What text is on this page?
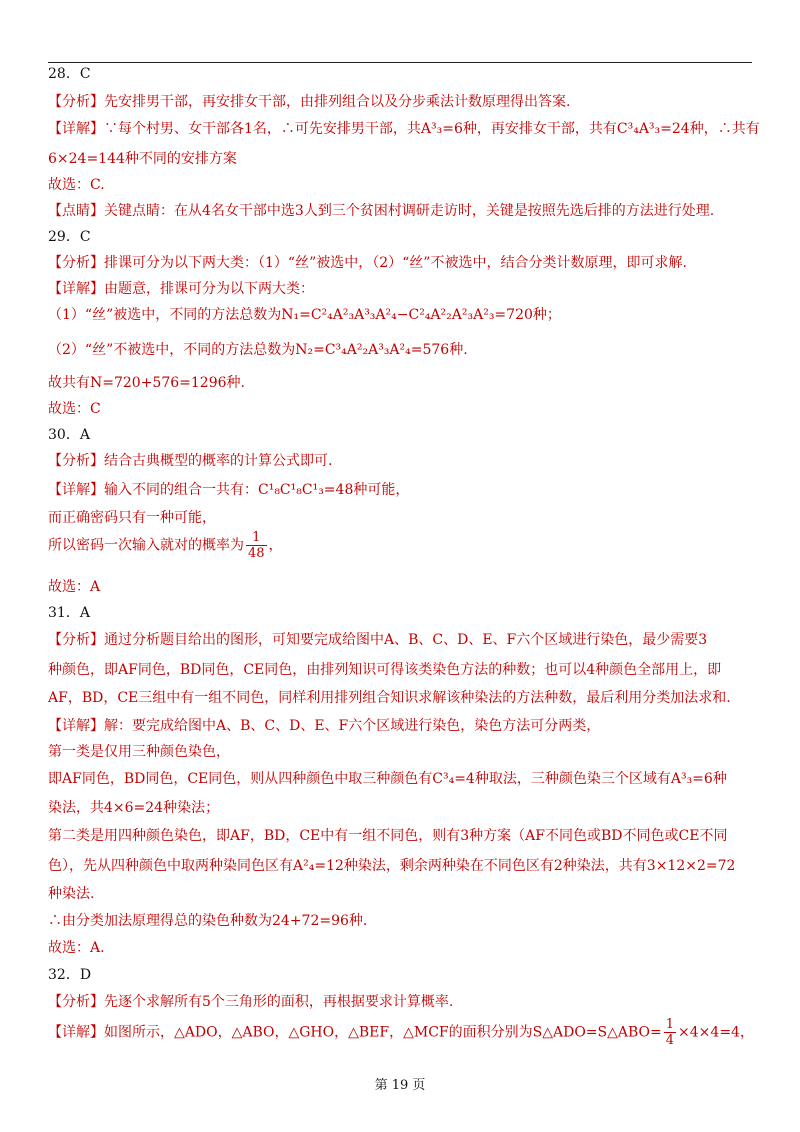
28．C
【分析】先安排男干部，再安排女干部，由排列组合以及分步乘法计数原理得出答案.
【详解】∵每个村男、女干部各1名，∴可先安排男干部，共A³₃=6种，再安排女干部，共有C³₄A³₃=24种，∴共有
6×24=144种不同的安排方案
故选：C.
【点睛】关键点睛：在从4名女干部中选3人到三个贫困村调研走访时，关键是按照先选后排的方法进行处理.
29．C
【分析】排课可分为以下两大类：（1）“丝”被选中，（2）“丝”不被选中，结合分类计数原理，即可求解.
【详解】由题意，排课可分为以下两大类：
（1）“丝”被选中，不同的方法总数为N₁=C²₄A²₃A³₃A²₄−C²₄A²₂A²₃A²₃=720种；
（2）“丝”不被选中，不同的方法总数为N₂=C³₄A²₂A³₃A²₄=576种.
故共有N=720+576=1296种.
故选：C
30．A
【分析】结合古典概型的概率的计算公式即可.
【详解】输入不同的组合一共有：C¹₈C¹₈C¹₃=48种可能，
而正确密码只有一种可能，
所以密码一次输入就对的概率为 $\frac{1}{48}$ ，
故选：A
31．A
【分析】通过分析题目给出的图形，可知要完成给图中A、B、C、D、E、F六个区域进行染色，最少需要3
种颜色，即AF同色，BD同色，CE同色，由排列知识可得该类染色方法的种数；也可以4种颜色全部用上，即
AF，BD，CE三组中有一组不同色，同样利用排列组合知识求解该种染法的方法种数，最后利用分类加法求和.
【详解】解：要完成给图中A、B、C、D、E、F六个区域进行染色，染色方法可分两类，
第一类是仅用三种颜色染色，
即AF同色，BD同色，CE同色，则从四种颜色中取三种颜色有C³₄=4种取法，三种颜色染三个区域有A³₃=6种
染法，共4×6=24种染法；
第二类是用四种颜色染色，即AF，BD，CE中有一组不同色，则有3种方案（AF不同色或BD不同色或CE不同
色），先从四种颜色中取两种染同色区有A²₄=12种染法，剩余两种染在不同色区有2种染法，共有3×12×2=72
种染法.
∴由分类加法原理得总的染色种数为24+72=96种.
故选：A.
32．D
【分析】先逐个求解所有5个三角形的面积，再根据要求计算概率.
【详解】如图所示，△ADO，△ABO，△GHO，△BEF，△MCF的面积分别为S△ADO=S△ABO= $\frac{1}{4} \times 4\times 4=4$，
第 19 页
